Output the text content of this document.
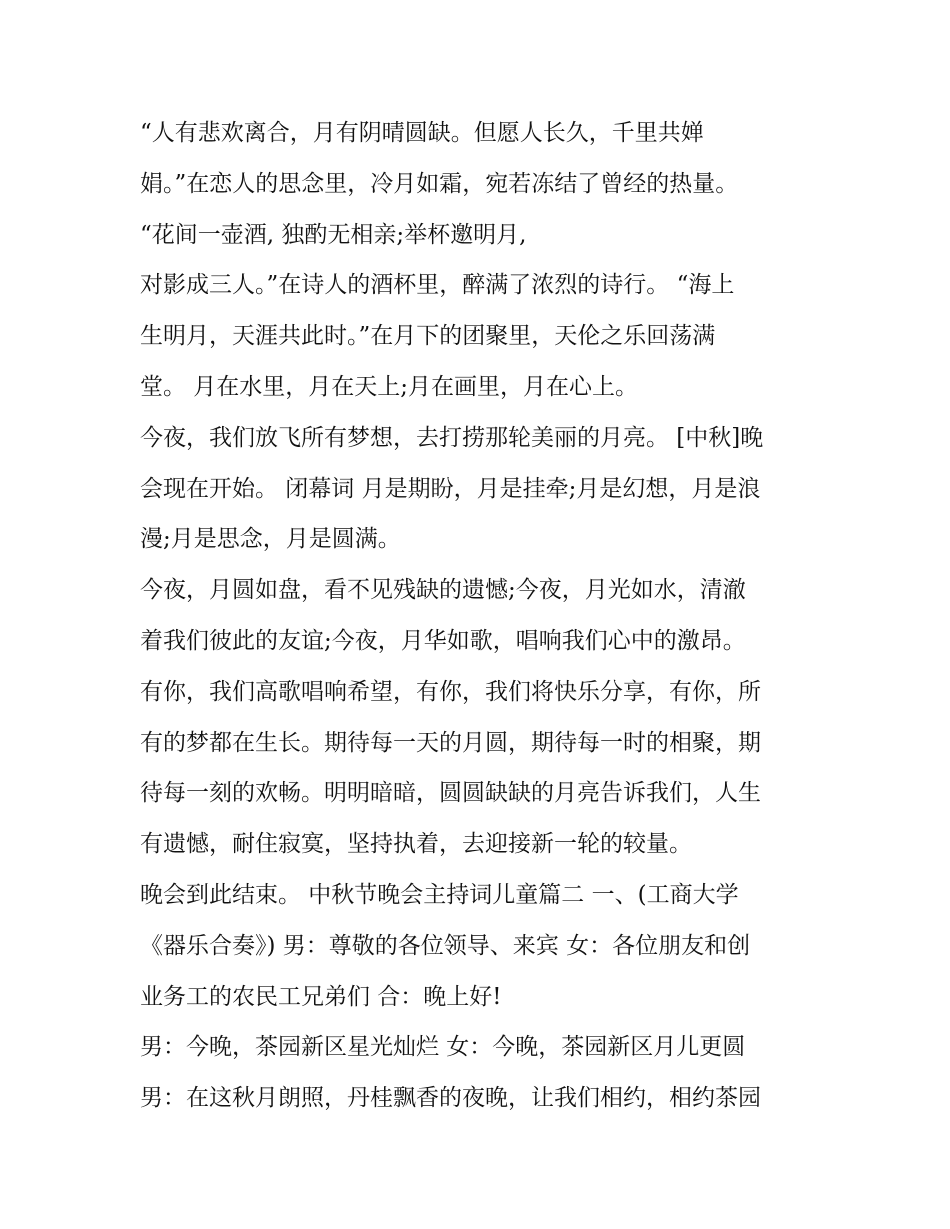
“人有悲欢离合，月有阴晴圆缺。但愿人长久，千里共婵
娟。”在恋人的思念里，冷月如霜，宛若冻结了曾经的热量。
“花间一壶酒, 独酌无相亲;举杯邀明月,
对影成三人。”在诗人的酒杯里，醉满了浓烈的诗行。 “海上
生明月，天涯共此时。”在月下的团聚里，天伦之乐回荡满
堂。 月在水里，月在天上;月在画里，月在心上。
今夜，我们放飞所有梦想，去打捞那轮美丽的月亮。 [中秋]晚
会现在开始。 闭幕词 月是期盼，月是挂牵;月是幻想，月是浪
漫;月是思念，月是圆满。
今夜，月圆如盘，看不见残缺的遗憾;今夜，月光如水，清澈
着我们彼此的友谊;今夜，月华如歌，唱响我们心中的激昂。
有你，我们高歌唱响希望，有你，我们将快乐分享，有你，所
有的梦都在生长。期待每一天的月圆，期待每一时的相聚，期
待每一刻的欢畅。明明暗暗，圆圆缺缺的月亮告诉我们，人生
有遗憾，耐住寂寞，坚持执着，去迎接新一轮的较量。
晚会到此结束。 中秋节晚会主持词儿童篇二 一、(工商大学
《器乐合奏》) 男：尊敬的各位领导、来宾 女：各位朋友和创
业务工的农民工兄弟们 合：晚上好!
男：今晚，茶园新区星光灿烂 女：今晚，茶园新区月儿更圆
男：在这秋月朗照，丹桂飘香的夜晚，让我们相约，相约茶园
